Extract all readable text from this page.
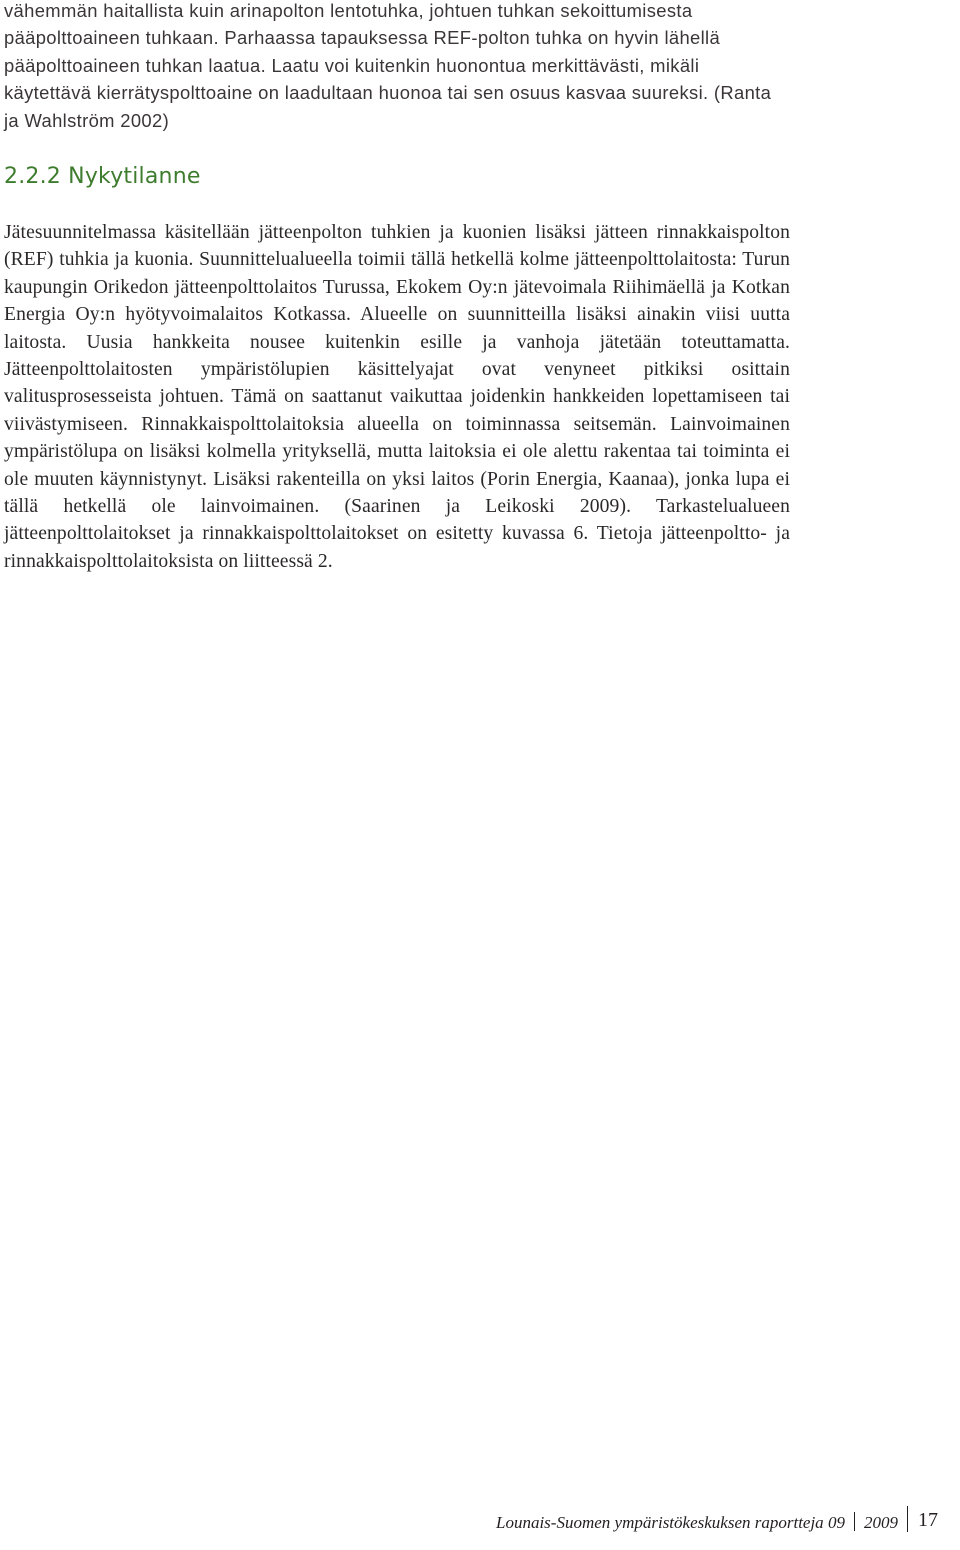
vähemmän haitallista kuin arinapolton lentotuhka, johtuen tuhkan sekoittumisesta pääpolttoaineen tuhkaan. Parhaassa tapauksessa REF-polton tuhka on hyvin lähellä pääpolttoaineen tuhkan laatua. Laatu voi kuitenkin huonontua merkittävästi, mikäli käytettävä kierrätyspolttoaine on laadultaan huonoa tai sen osuus kasvaa suureksi. (Ranta ja Wahlström 2002)

2.2.2 Nykytilanne

Jätesuunnitelmassa käsitellään jätteenpolton tuhkien ja kuonien lisäksi jätteen rinnakkaispolton (REF) tuhkia ja kuonia. Suunnittelualueella toimii tällä hetkellä kolme jätteenpolttolaitosta: Turun kaupungin Orikedon jätteenpolttolaitos Turussa, Ekokem Oy:n jätevoimala Riihimäellä ja Kotkan Energia Oy:n hyötyvoimalaitos Kotkassa. Alueelle on suunnitteilla lisäksi ainakin viisi uutta laitosta. Uusia hankkeita nousee kuitenkin esille ja vanhoja jätetään toteuttamatta. Jätteenpolttolaitosten ympäristölupien käsittelyajat ovat venyneet pitkiksi osittain valitusprosesseista johtuen. Tämä on saattanut vaikuttaa joidenkin hankkeiden lopettamiseen tai viivästymiseen. Rinnakkaispolttolaitoksia alueella on toiminnassa seitsemän. Lainvoimainen ympäristölupa on lisäksi kolmella yrityksellä, mutta laitoksia ei ole alettu rakentaa tai toiminta ei ole muuten käynnistynyt. Lisäksi rakenteilla on yksi laitos (Porin Energia, Kaanaa), jonka lupa ei tällä hetkellä ole lainvoimainen. (Saarinen ja Leikoski 2009). Tarkastelualueen jätteenpolttolaitokset ja rinnakkaispolttolaitokset on esitetty kuvassa 6. Tietoja jätteenpoltto- ja rinnakkaispolttolaitoksista on liitteessä 2.

Lounais-Suomen ympäristökeskuksen raportteja 09 2009 17
